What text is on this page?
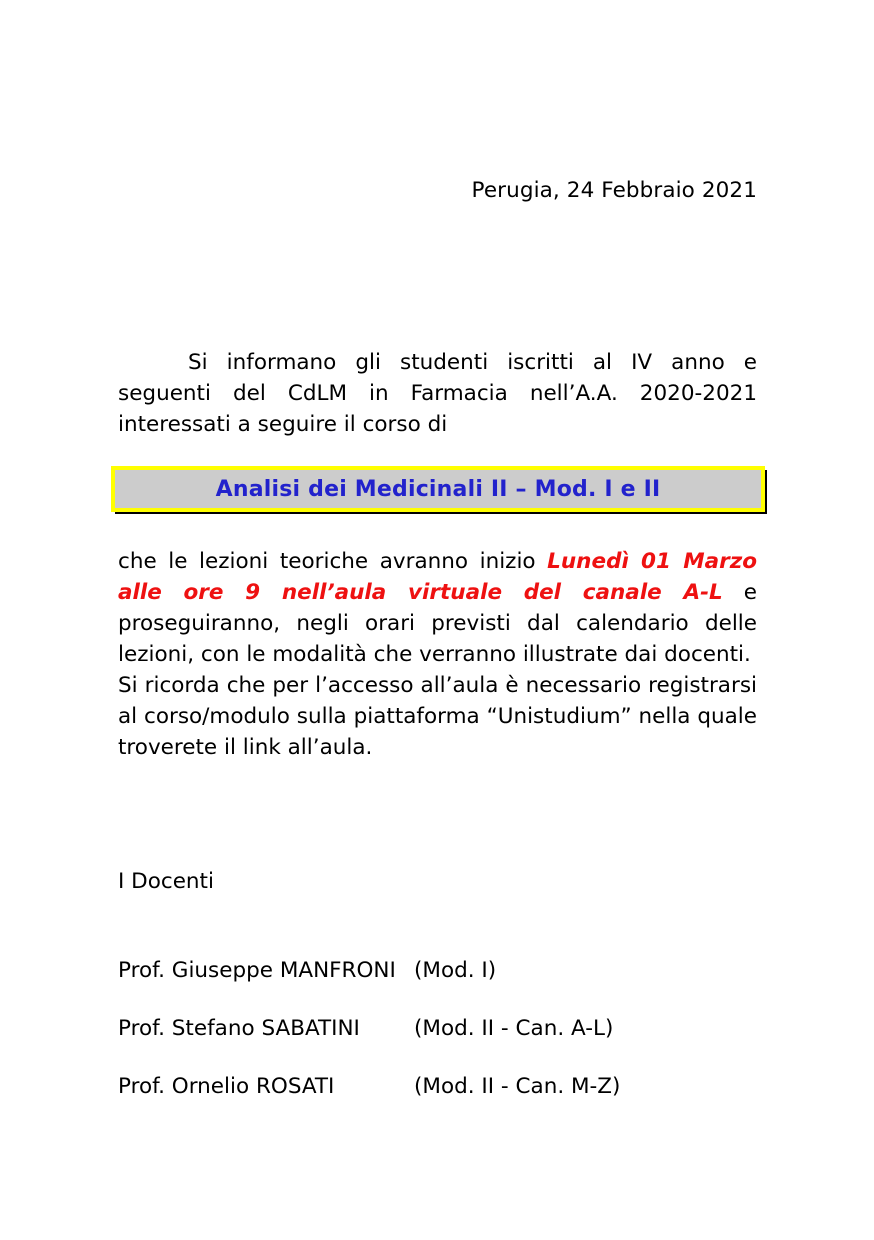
Perugia, 24 Febbraio 2021

Si informano gli studenti iscritti al IV anno e seguenti del CdLM in Farmacia nell’A.A. 2020-2021 interessati a seguire il corso di

Analisi dei Medicinali II – Mod. I e II

che le lezioni teoriche avranno inizio Lunedì 01 Marzo alle ore 9 nell’aula virtuale del canale A-L e proseguiranno, negli orari previsti dal calendario delle lezioni, con le modalità che verranno illustrate dai docenti.

Si ricorda che per l’accesso all’aula è necessario registrarsi al corso/modulo sulla piattaforma “Unistudium” nella quale troverete il link all’aula.

I Docenti
Prof. Giuseppe MANFRONI (Mod. I)
Prof. Stefano SABATINI	(Mod. II - Can. A-L)
Prof. Ornelio ROSATI	(Mod. II - Can. M-Z)
